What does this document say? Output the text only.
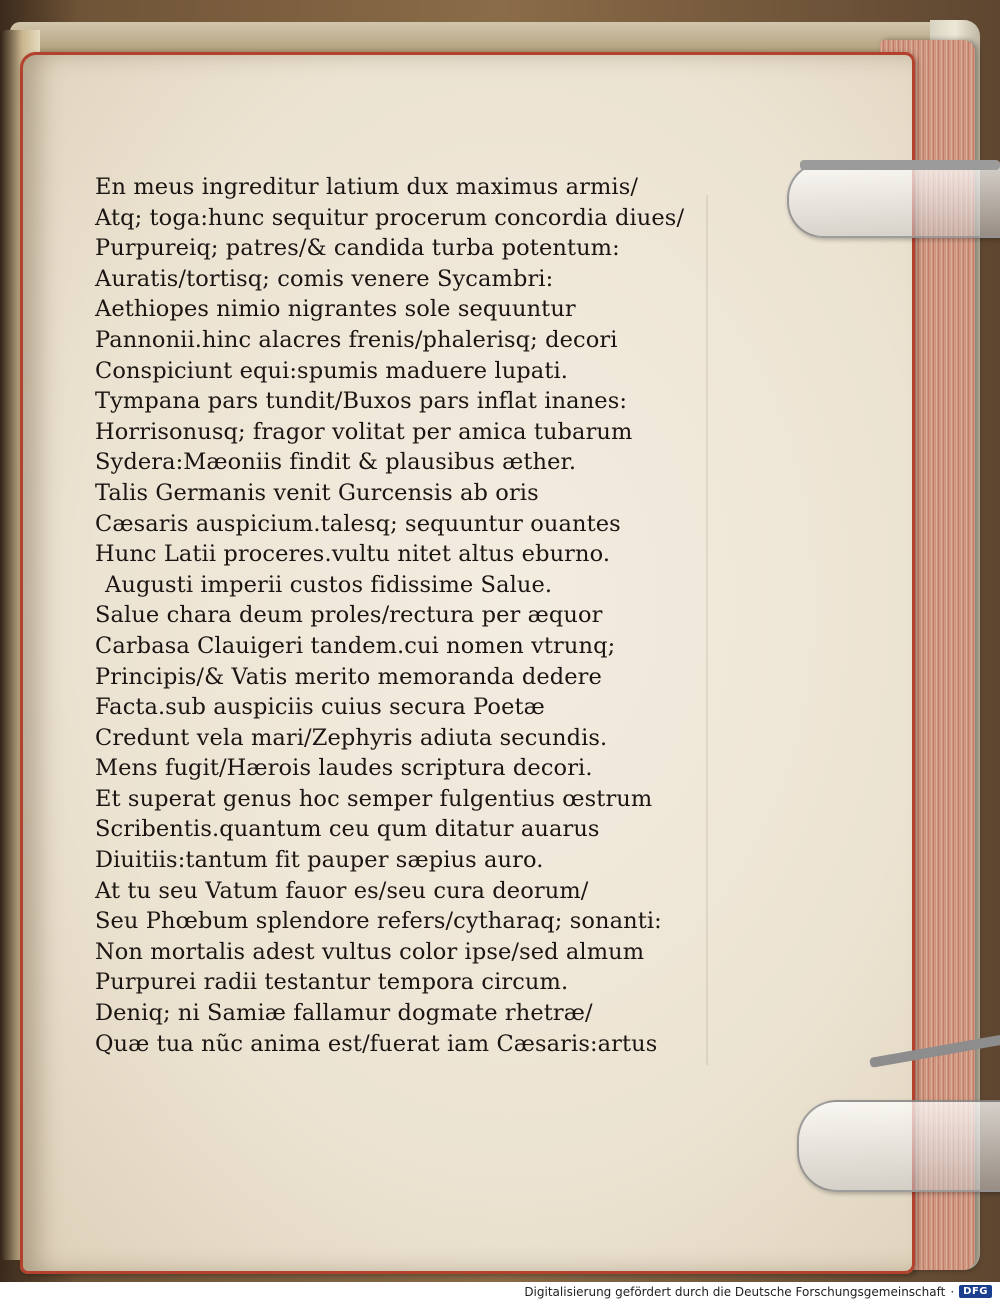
En meus ingreditur latium dux maximus armis/
Atq; toga:hunc sequitur procerum concordia diues/
Purpureiq; patres/& candida turba potentum:
Auratis/tortisq; comis venere Sycambri:
Aethiopes nimio nigrantes sole sequuntur
Pannonii.hinc alacres frenis/phalerisq; decori
Conspiciunt equi:spumis maduere lupati.
Tympana pars tundit/Buxos pars inflat inanes:
Horrisonusq; fragor volitat per amica tubarum
Sydera:Mæoniis findit & plausibus æther.
Talis Germanis venit Gurcensis ab oris
Cæsaris auspicium.talesq; sequuntur ouantes
Hunc Latii proceres.vultu nitet altus eburno.
Augusti imperii custos fidissime Salue.
Salue chara deum proles/rectura per æquor
Carbasa Clauigeri tandem.cui nomen vtrunq;
Principis/& Vatis merito memoranda dedere
Facta.sub auspiciis cuius secura Poetæ
Credunt vela mari/Zephyris adiuta secundis.
Mens fugit/Hærois laudes scriptura decori.
Et superat genus hoc semper fulgentius œstrum
Scribentis.quantum ceu qum ditatur auarus
Diuitiis:tantum fit pauper sæpius auro.
At tu seu Vatum fauor es/seu cura deorum/
Seu Phœbum splendore refers/cytharaq; sonanti:
Non mortalis adest vultus color ipse/sed almum
Purpurei radii testantur tempora circum.
Deniq; ni Samiæ fallamur dogmate rhetræ/
Quæ tua nũc anima est/fuerat iam Cæsaris:artus
Digitalisierung gefördert durch die Deutsche Forschungsgemeinschaft · DFG
